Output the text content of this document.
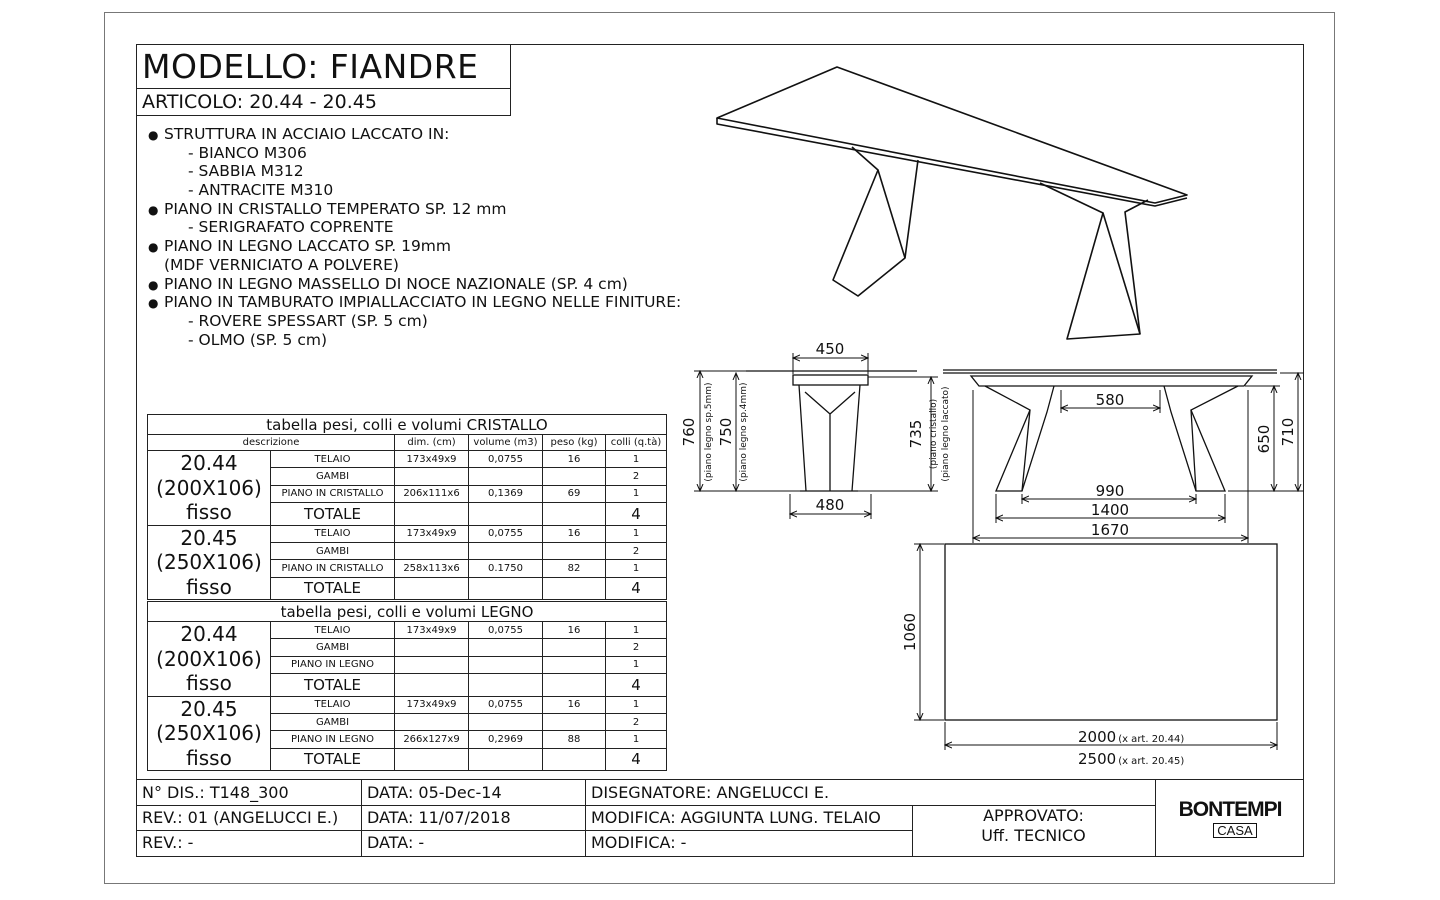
MODELLO: FIANDRE
ARTICOLO: 20.44 - 20.45
● STRUTTURA IN ACCIAIO LACCATO IN:
- BIANCO M306
- SABBIA M312
- ANTRACITE M310
● PIANO IN CRISTALLO TEMPERATO SP. 12 mm
- SERIGRAFATO COPRENTE
● PIANO IN LEGNO LACCATO SP. 19mm
(MDF VERNICIATO A POLVERE)
● PIANO IN LEGNO MASSELLO DI NOCE NAZIONALE (SP. 4 cm)
● PIANO IN TAMBURATO IMPIALLACCIATO IN LEGNO NELLE FINITURE:
- ROVERE SPESSART (SP. 5 cm)
- OLMO (SP. 5 cm)
tabella pesi, colli e volumi CRISTALLO					
descrizione		dim. (cm)	volume (m3)	peso (kg)	colli (q.tà)

20.44
(200X106)
fisso	TELAIO	173x49x9	0,0755	16	1
	GAMBI				2
	PIANO IN CRISTALLO	206x111x6	0,1369	69	1
	TOTALE				4

20.45
(250X106)
fisso	TELAIO	173x49x9	0,0755	16	1
	GAMBI				2
	PIANO IN CRISTALLO	258x113x6	0.1750	82	1
	TOTALE				4
tabella pesi, colli e volumi LEGNO					

20.44
(200X106)
fisso	TELAIO	173x49x9	0,0755	16	1
	GAMBI				2
	PIANO IN LEGNO				1
	TOTALE				4

20.45
(250X106)
fisso	TELAIO	173x49x9	0,0755	16	1
	GAMBI				2
	PIANO IN LEGNO	266x127x9	0,2969	88	1
	TOTALE				4
450
480
760 (piano legno sp.5mm) 750 (piano legno sp.4mm)	735 (piano cristallo) (piano legno laccato)	580
990
1400
1670
650 710
1060
2000 (x art. 20.44)
2500 (x art. 20.45)
N° DIS.: T148_300	DATA: 05-Dec-14	DISEGNATORE: ANGELUCCI E.
REV.: 01 (ANGELUCCI E.)	DATA: 11/07/2018	MODIFICA: AGGIUNTA LUNG. TELAIO
REV.: -	DATA: -	MODIFICA: -
APPROVATO:
Uff. TECNICO
BONTEMPI
CASA
